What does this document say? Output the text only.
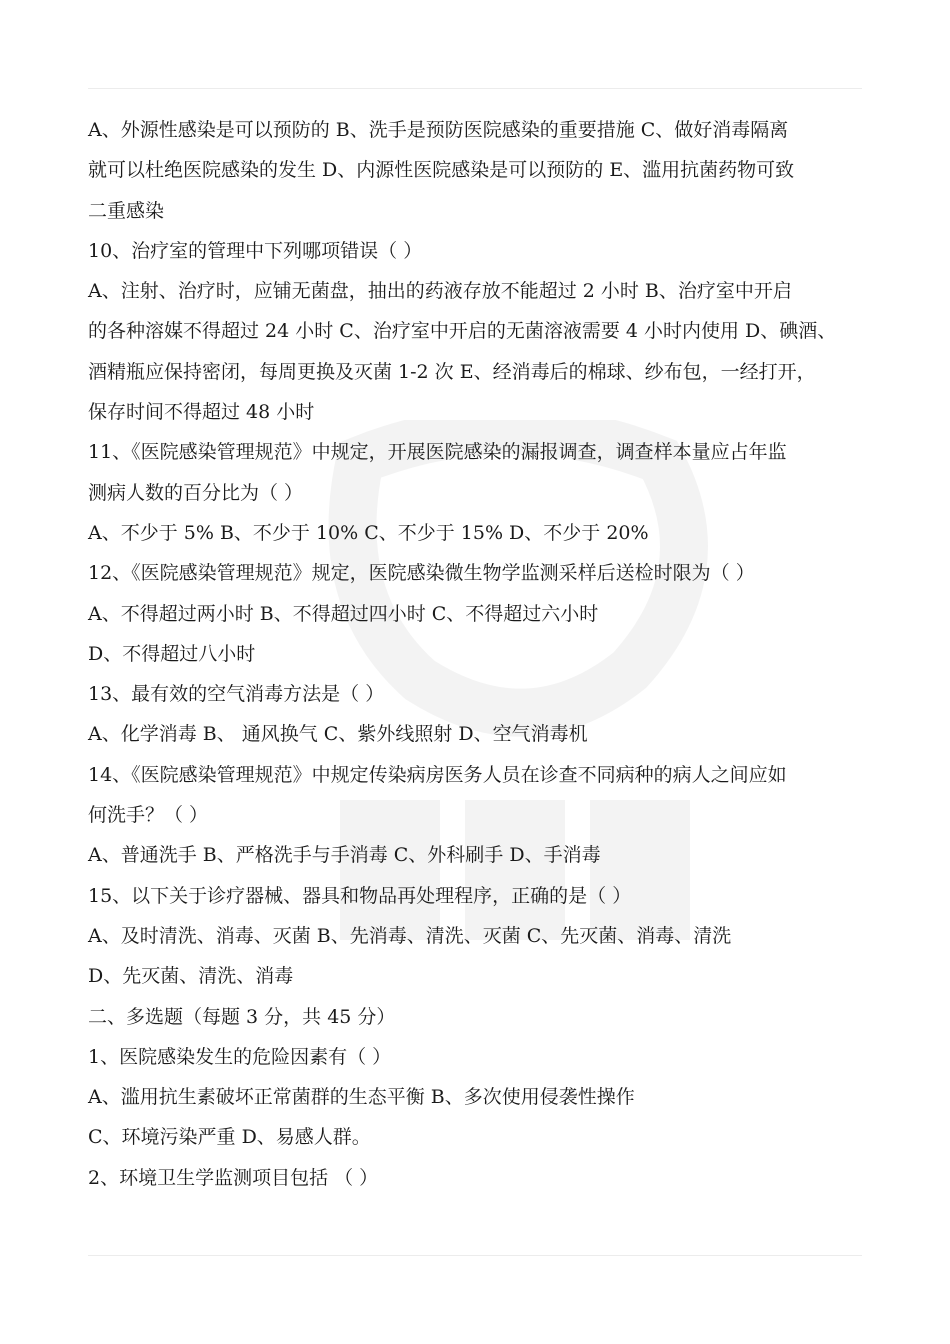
A、外源性感染是可以预防的 B、洗手是预防医院感染的重要措施 C、做好消毒隔离
就可以杜绝医院感染的发生 D、内源性医院感染是可以预防的 E、滥用抗菌药物可致
二重感染
10、治疗室的管理中下列哪项错误（ ）
A、注射、治疗时，应铺无菌盘，抽出的药液存放不能超过 2 小时 B、治疗室中开启
的各种溶媒不得超过 24 小时 C、治疗室中开启的无菌溶液需要 4 小时内使用 D、碘酒、
酒精瓶应保持密闭，每周更换及灭菌 1-2 次 E、经消毒后的棉球、纱布包，一经打开，
保存时间不得超过 48 小时
11、《医院感染管理规范》中规定，开展医院感染的漏报调查，调查样本量应占年监
测病人数的百分比为（ ）
A、不少于 5% B、不少于 10% C、不少于 15% D、不少于 20%
12、《医院感染管理规范》规定，医院感染微生物学监测采样后送检时限为（ ）
A、不得超过两小时 B、不得超过四小时 C、不得超过六小时
D、不得超过八小时
13、最有效的空气消毒方法是（ ）
A、化学消毒 B、 通风换气 C、紫外线照射 D、空气消毒机
14、《医院感染管理规范》中规定传染病房医务人员在诊查不同病种的病人之间应如
何洗手？（ ）
A、普通洗手 B、严格洗手与手消毒 C、外科刷手 D、手消毒
15、以下关于诊疗器械、器具和物品再处理程序，正确的是（ ）
A、及时清洗、消毒、灭菌 B、先消毒、清洗、灭菌 C、先灭菌、消毒、清洗
D、先灭菌、清洗、消毒
二、多选题（每题 3 分，共 45 分）
1、医院感染发生的危险因素有（ ）
A、滥用抗生素破坏正常菌群的生态平衡 B、多次使用侵袭性操作
C、环境污染严重 D、易感人群。
2、环境卫生学监测项目包括 （ ）
